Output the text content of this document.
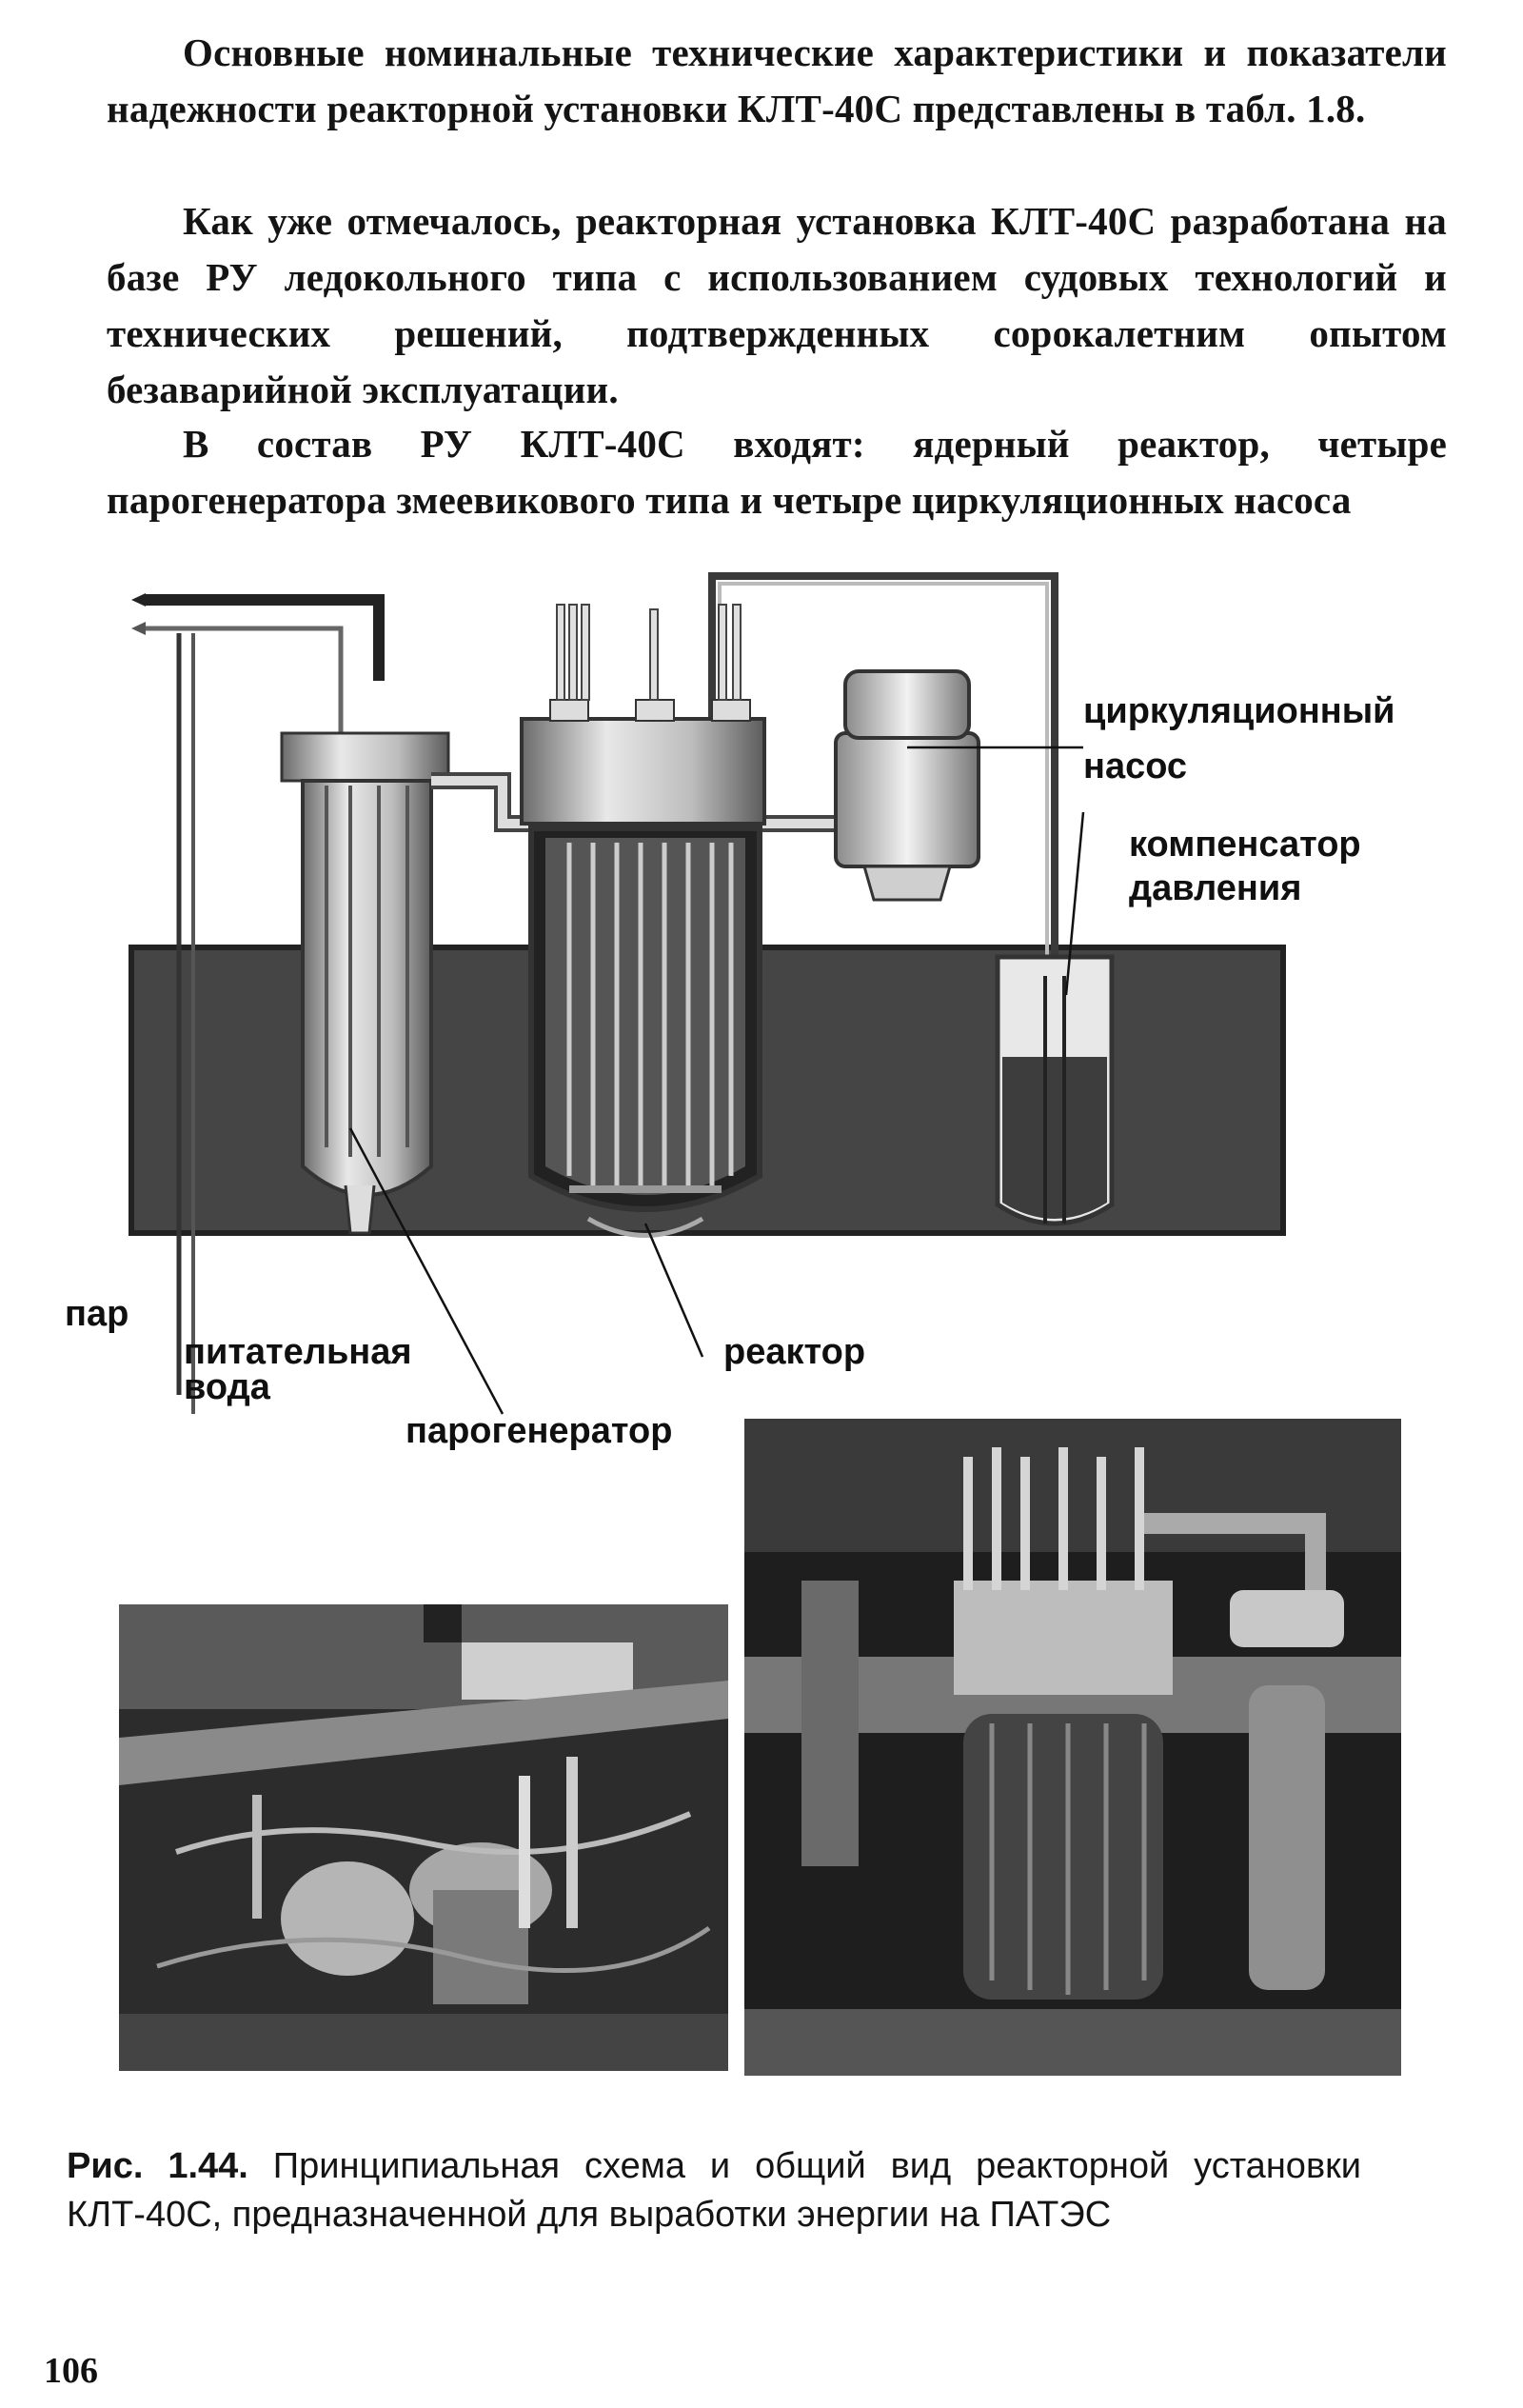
Основные номинальные технические характеристики и показатели надежности реакторной установки КЛТ-40С представлены в табл. 1.8.

Как уже отмечалось, реакторная установка КЛТ-40С разработана на базе РУ ледокольного типа с использованием судовых технологий и технических решений, подтвержденных сорокалетним опытом безаварийной эксплуатации.

В состав РУ КЛТ-40С входят: ядерный реактор, четыре парогенератора змеевикового типа и четыре циркуляционных насоса

циркуляционный
насос
компенсатор
давления
пар
питательная
вода
реактор
парогенератор
Рис. 1.44. Принципиальная схема и общий вид реакторной установки КЛТ-40С, предназначенной для выработки энергии на ПАТЭС
106
